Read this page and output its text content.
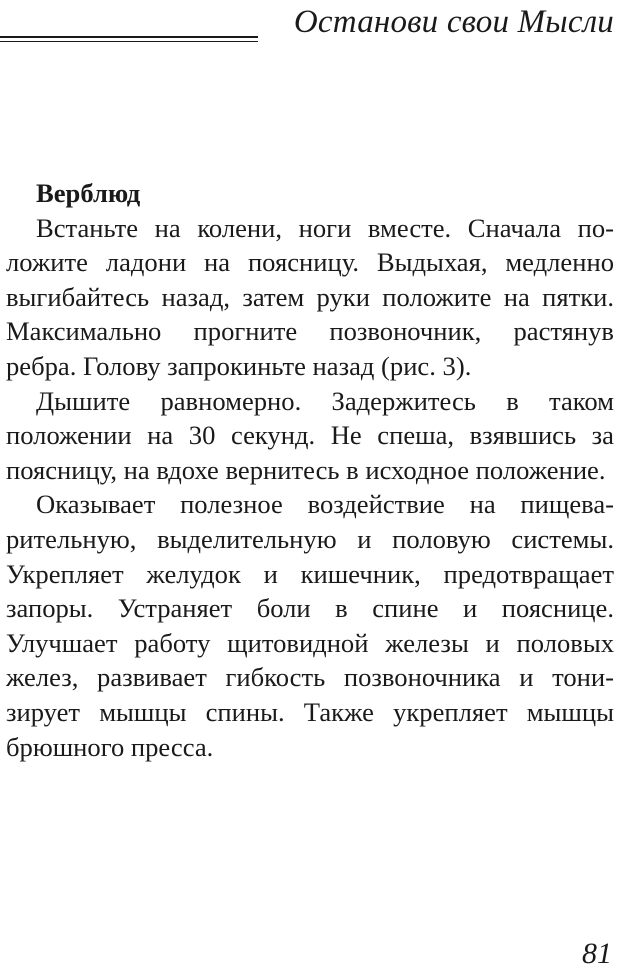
Останови свои Мысли

Верблюд

Встаньте на колени, ноги вместе. Сначала положите ладони на поясницу. Выдыхая, медленно выгибайтесь назад, затем руки положите на пятки. Максимально прогните позвоночник, растянув ребра. Голову запрокиньте назад (рис. 3).

Дышите равномерно. Задержитесь в таком положении на 30 секунд. Не спеша, взявшись за поясницу, на вдохе вернитесь в исходное положение.

Оказывает полезное воздействие на пищеварительную, выделительную и половую системы. Укрепляет желудок и кишечник, предотвращает запоры. Устраняет боли в спине и пояснице. Улучшает работу щитовидной железы и половых желез, развивает гибкость позвоночника и тонизирует мышцы спины. Также укрепляет мышцы брюшного пресса.

81
